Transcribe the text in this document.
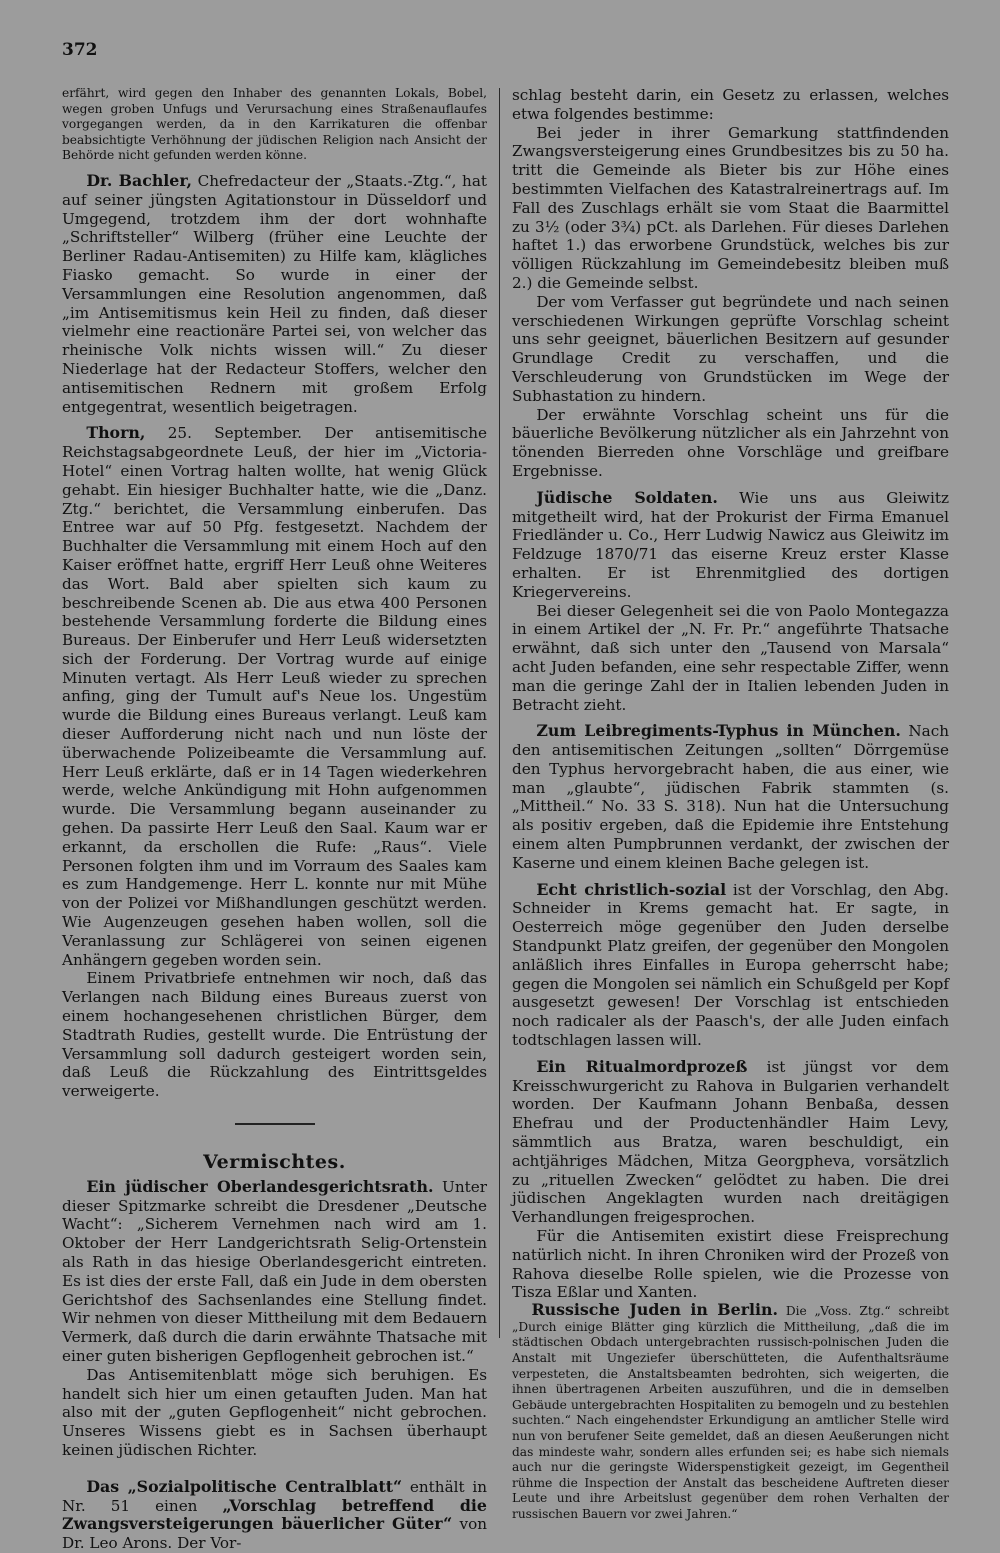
372

erfährt, wird gegen den Inhaber des genannten Lokals, Bobel, wegen groben Unfugs und Verursachung eines Straßenauflaufes vorgegangen werden, da in den Karrikaturen die offenbar beabsichtigte Verhöhnung der jüdischen Religion nach Ansicht der Behörde nicht gefunden werden könne.

Dr. Bachler, Chefredacteur der „Staats.-Ztg.“, hat auf seiner jüngsten Agitationstour in Düsseldorf und Umgegend, trotzdem ihm der dort wohnhafte „Schriftsteller“ Wilberg (früher eine Leuchte der Berliner Radau-Antisemiten) zu Hilfe kam, klägliches Fiasko gemacht. So wurde in einer der Versammlungen eine Resolution angenommen, daß „im Antisemitismus kein Heil zu finden, daß dieser vielmehr eine reactionäre Partei sei, von welcher das rheinische Volk nichts wissen will.“ Zu dieser Niederlage hat der Redacteur Stoffers, welcher den antisemitischen Rednern mit großem Erfolg entgegentrat, wesentlich beigetragen.

Thorn, 25. September. Der antisemitische Reichstagsabgeordnete Leuß, der hier im „Victoria-Hotel“ einen Vortrag halten wollte, hat wenig Glück gehabt. Ein hiesiger Buchhalter hatte, wie die „Danz. Ztg.“ berichtet, die Versammlung einberufen. Das Entree war auf 50 Pfg. festgesetzt. Nachdem der Buchhalter die Versammlung mit einem Hoch auf den Kaiser eröffnet hatte, ergriff Herr Leuß ohne Weiteres das Wort. Bald aber spielten sich kaum zu beschreibende Scenen ab. Die aus etwa 400 Personen bestehende Versammlung forderte die Bildung eines Bureaus. Der Einberufer und Herr Leuß widersetzten sich der Forderung. Der Vortrag wurde auf einige Minuten vertagt. Als Herr Leuß wieder zu sprechen anfing, ging der Tumult auf's Neue los. Ungestüm wurde die Bildung eines Bureaus verlangt. Leuß kam dieser Aufforderung nicht nach und nun löste der überwachende Polizeibeamte die Versammlung auf. Herr Leuß erklärte, daß er in 14 Tagen wiederkehren werde, welche Ankündigung mit Hohn aufgenommen wurde. Die Versammlung begann auseinander zu gehen. Da passirte Herr Leuß den Saal. Kaum war er erkannt, da erschollen die Rufe: „Raus“. Viele Personen folgten ihm und im Vorraum des Saales kam es zum Handgemenge. Herr L. konnte nur mit Mühe von der Polizei vor Mißhandlungen geschützt werden. Wie Augenzeugen gesehen haben wollen, soll die Veranlassung zur Schlägerei von seinen eigenen Anhängern gegeben worden sein.

Einem Privatbriefe entnehmen wir noch, daß das Verlangen nach Bildung eines Bureaus zuerst von einem hochangesehenen christlichen Bürger, dem Stadtrath Rudies, gestellt wurde. Die Entrüstung der Versammlung soll dadurch gesteigert worden sein, daß Leuß die Rückzahlung des Eintrittsgeldes verweigerte.

Vermischtes.

Ein jüdischer Oberlandesgerichtsrath. Unter dieser Spitzmarke schreibt die Dresdener „Deutsche Wacht“: „Sicherem Vernehmen nach wird am 1. Oktober der Herr Landgerichtsrath Selig-Ortenstein als Rath in das hiesige Oberlandesgericht eintreten. Es ist dies der erste Fall, daß ein Jude in dem obersten Gerichtshof des Sachsenlandes eine Stellung findet. Wir nehmen von dieser Mittheilung mit dem Bedauern Vermerk, daß durch die darin erwähnte Thatsache mit einer guten bisherigen Gepflogenheit gebrochen ist.“

Das Antisemitenblatt möge sich beruhigen. Es handelt sich hier um einen getauften Juden. Man hat also mit der „guten Gepflogenheit“ nicht gebrochen. Unseres Wissens giebt es in Sachsen überhaupt keinen jüdischen Richter.

Das „Sozialpolitische Centralblatt“ enthält in Nr. 51 einen „Vorschlag betreffend die Zwangsversteigerungen bäuerlicher Güter“ von Dr. Leo Arons. Der Vor-

schlag besteht darin, ein Gesetz zu erlassen, welches etwa folgendes bestimme:

Bei jeder in ihrer Gemarkung stattfindenden Zwangsversteigerung eines Grundbesitzes bis zu 50 ha. tritt die Gemeinde als Bieter bis zur Höhe eines bestimmten Vielfachen des Katastralreinertrags auf. Im Fall des Zuschlags erhält sie vom Staat die Baarmittel zu 3½ (oder 3¾) pCt. als Darlehen. Für dieses Darlehen haftet 1.) das erworbene Grundstück, welches bis zur völligen Rückzahlung im Gemeindebesitz bleiben muß 2.) die Gemeinde selbst.

Der vom Verfasser gut begründete und nach seinen verschiedenen Wirkungen geprüfte Vorschlag scheint uns sehr geeignet, bäuerlichen Besitzern auf gesunder Grundlage Credit zu verschaffen, und die Verschleuderung von Grundstücken im Wege der Subhastation zu hindern.

Der erwähnte Vorschlag scheint uns für die bäuerliche Bevölkerung nützlicher als ein Jahrzehnt von tönenden Bierreden ohne Vorschläge und greifbare Ergebnisse.

Jüdische Soldaten. Wie uns aus Gleiwitz mitgetheilt wird, hat der Prokurist der Firma Emanuel Friedländer u. Co., Herr Ludwig Nawicz aus Gleiwitz im Feldzuge 1870/71 das eiserne Kreuz erster Klasse erhalten. Er ist Ehrenmitglied des dortigen Kriegervereins.

Bei dieser Gelegenheit sei die von Paolo Montegazza in einem Artikel der „N. Fr. Pr.“ angeführte Thatsache erwähnt, daß sich unter den „Tausend von Marsala“ acht Juden befanden, eine sehr respectable Ziffer, wenn man die geringe Zahl der in Italien lebenden Juden in Betracht zieht.

Zum Leibregiments-Typhus in München. Nach den antisemitischen Zeitungen „sollten“ Dörrgemüse den Typhus hervorgebracht haben, die aus einer, wie man „glaubte“, jüdischen Fabrik stammten (s. „Mittheil.“ No. 33 S. 318). Nun hat die Untersuchung als positiv ergeben, daß die Epidemie ihre Entstehung einem alten Pumpbrunnen verdankt, der zwischen der Kaserne und einem kleinen Bache gelegen ist.

Echt christlich-sozial ist der Vorschlag, den Abg. Schneider in Krems gemacht hat. Er sagte, in Oesterreich möge gegenüber den Juden derselbe Standpunkt Platz greifen, der gegenüber den Mongolen anläßlich ihres Einfalles in Europa geherrscht habe; gegen die Mongolen sei nämlich ein Schußgeld per Kopf ausgesetzt gewesen! Der Vorschlag ist entschieden noch radicaler als der Paasch's, der alle Juden einfach todtschlagen lassen will.

Ein Ritualmordprozeß ist jüngst vor dem Kreisschwurgericht zu Rahova in Bulgarien verhandelt worden. Der Kaufmann Johann Benbaßa, dessen Ehefrau und der Productenhändler Haim Levy, sämmtlich aus Bratza, waren beschuldigt, ein achtjähriges Mädchen, Mitza Georgpheva, vorsätzlich zu „rituellen Zwecken“ gelödtet zu haben. Die drei jüdischen Angeklagten wurden nach dreitägigen Verhandlungen freigesprochen.

Für die Antisemiten existirt diese Freisprechung natürlich nicht. In ihren Chroniken wird der Prozeß von Rahova dieselbe Rolle spielen, wie die Prozesse von Tisza Eßlar und Xanten.

Russische Juden in Berlin. Die „Voss. Ztg.“ schreibt „Durch einige Blätter ging kürzlich die Mittheilung, „daß die im städtischen Obdach untergebrachten russisch-polnischen Juden die Anstalt mit Ungeziefer überschütteten, die Aufenthaltsräume verpesteten, die Anstaltsbeamten bedrohten, sich weigerten, die ihnen übertragenen Arbeiten auszuführen, und die in demselben Gebäude untergebrachten Hospitaliten zu bemogeln und zu bestehlen suchten.“ Nach eingehendster Erkundigung an amtlicher Stelle wird nun von berufener Seite gemeldet, daß an diesen Aeußerungen nicht das mindeste wahr, sondern alles erfunden sei; es habe sich niemals auch nur die geringste Widerspenstigkeit gezeigt, im Gegentheil rühme die Inspection der Anstalt das bescheidene Auftreten dieser Leute und ihre Arbeitslust gegenüber dem rohen Verhalten der russischen Bauern vor zwei Jahren.“
